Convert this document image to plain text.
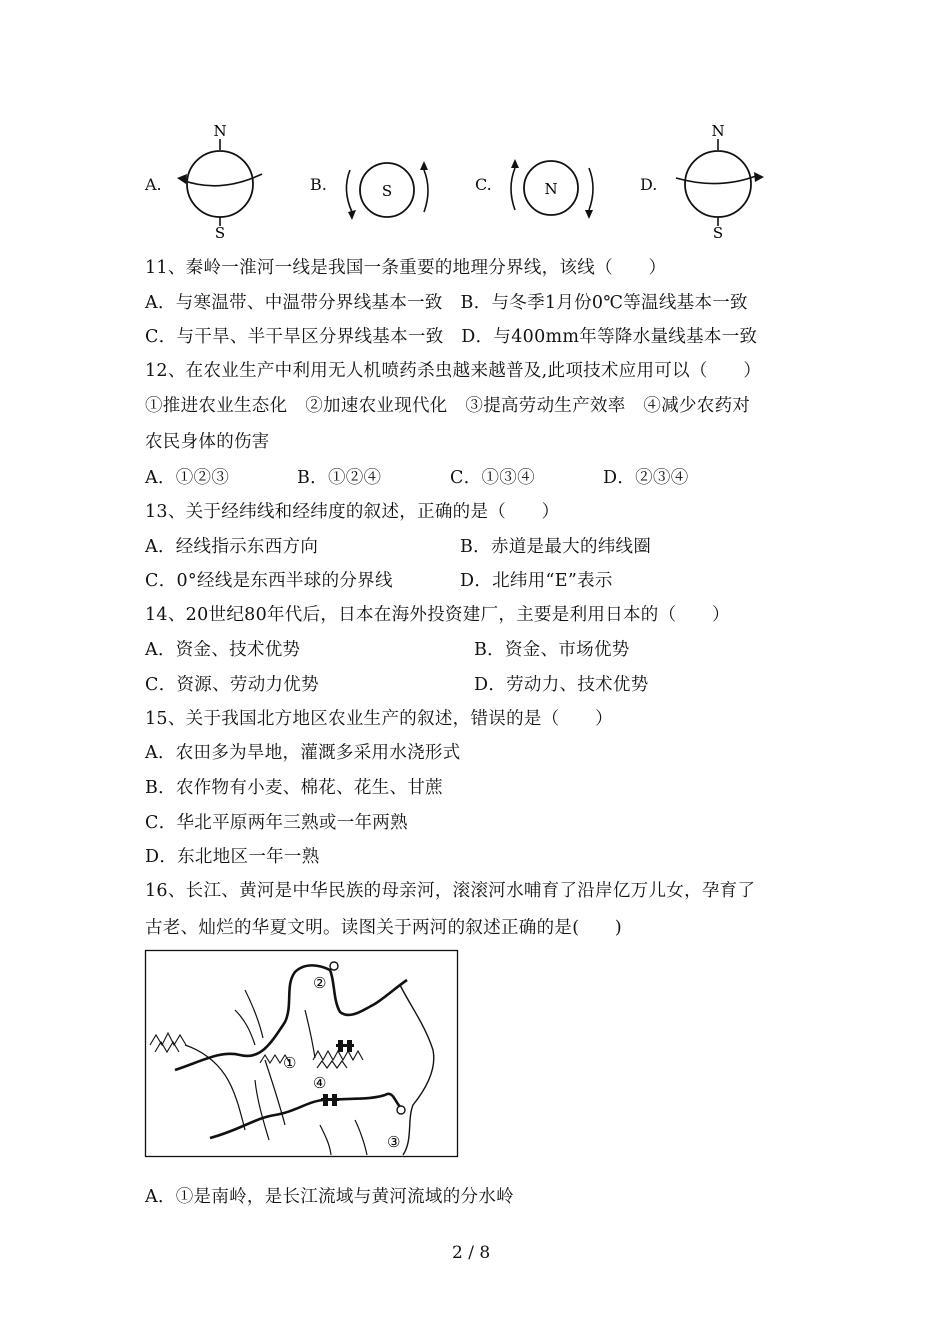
A.
N
S
B.	S	C.	N	D.
N
S
11、秦岭一淮河一线是我国一条重要的地理分界线，该线（　　）
A．与寒温带、中温带分界线基本一致　B．与冬季1月份0℃等温线基本一致
C．与干旱、半干旱区分界线基本一致　D．与400mm年等降水量线基本一致
12、在农业生产中利用无人机喷药杀虫越来越普及,此项技术应用可以（　　）
①推进农业生态化　②加速农业现代化　③提高劳动生产效率　④减少农药对
农民身体的伤害
A．①②③	B．①②④	C．①③④	D．②③④
13、关于经纬线和经纬度的叙述，正确的是（　　）
A．经线指示东西方向	B．赤道是最大的纬线圈
C．0°经线是东西半球的分界线	D．北纬用“E”表示
14、20世纪80年代后，日本在海外投资建厂，主要是利用日本的（　　）
A．资金、技术优势	B．资金、市场优势
C．资源、劳动力优势	D．劳动力、技术优势
15、关于我国北方地区农业生产的叙述，错误的是（　　）
A．农田多为旱地，灌溉多采用水浇形式
B．农作物有小麦、棉花、花生、甘蔗
C．华北平原两年三熟或一年两熟
D．东北地区一年一熟
16、长江、黄河是中华民族的母亲河，滚滚河水哺育了沿岸亿万儿女，孕育了
古老、灿烂的华夏文明。读图关于两河的叙述正确的是(　　)
②
①
④
③
A．①是南岭，是长江流域与黄河流域的分水岭
2 / 8
